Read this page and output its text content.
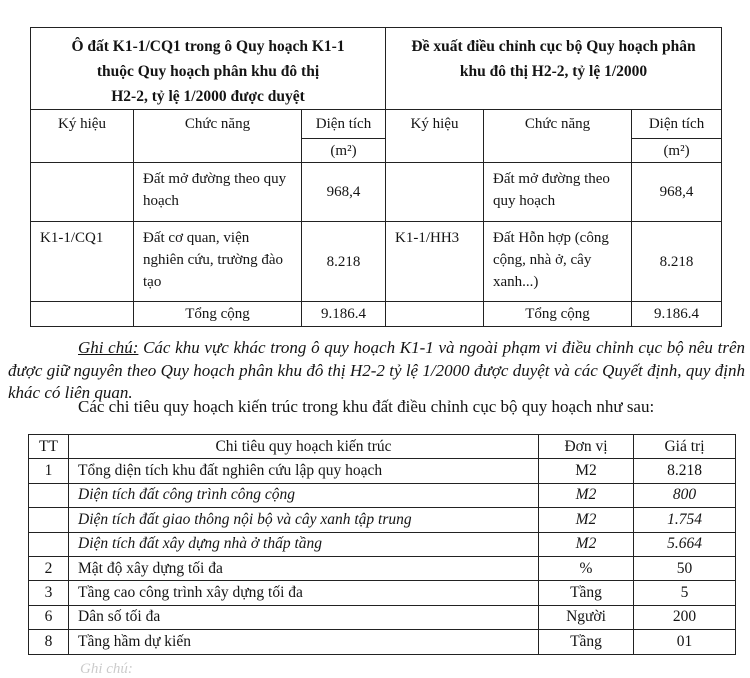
Ô đất K1-1/CQ1 trong ô Quy hoạch K1-1
thuộc Quy hoạch phân khu đô thị
H2-2, tỷ lệ 1/2000 được duyệt

Đề xuất điều chỉnh cục bộ Quy hoạch phân
khu đô thị H2-2, tỷ lệ 1/2000

Ký hiệu	Chức năng	Diện tích	Ký hiệu	Chức năng	Diện tích
		(m²)			(m²)
	Đất mở đường theo quy hoạch	968,4		Đất mở đường theo quy hoạch	968,4
K1-1/CQ1	Đất cơ quan, viện nghiên cứu, trường đào tạo	8.218	K1-1/HH3	Đất Hỗn hợp (công cộng, nhà ở, cây xanh...)	8.218
	Tổng cộng	9.186.4		Tổng cộng	9.186.4

Ghi chú: Các khu vực khác trong ô quy hoạch K1-1 và ngoài phạm vi điều chỉnh cục bộ nêu trên được giữ nguyên theo Quy hoạch phân khu đô thị H2-2 tỷ lệ 1/2000 được duyệt và các Quyết định, quy định khác có liên quan.

Các chi tiêu quy hoạch kiến trúc trong khu đất điều chỉnh cục bộ quy hoạch như sau:
TT	Chi tiêu quy hoạch kiến trúc	Đơn vị	Giá trị
1	Tổng diện tích khu đất nghiên cứu lập quy hoạch	M2	8.218
	Diện tích đất công trình công cộng	M2	800
	Diện tích đất giao thông nội bộ và cây xanh tập trung	M2	1.754
	Diện tích đất xây dựng nhà ở thấp tầng	M2	5.664
2	Mật độ xây dựng tối đa	%	50
3	Tầng cao công trình xây dựng tối đa	Tầng	5
6	Dân số tối đa	Người	200
8	Tầng hầm dự kiến	Tầng	01
Ghi chú:
